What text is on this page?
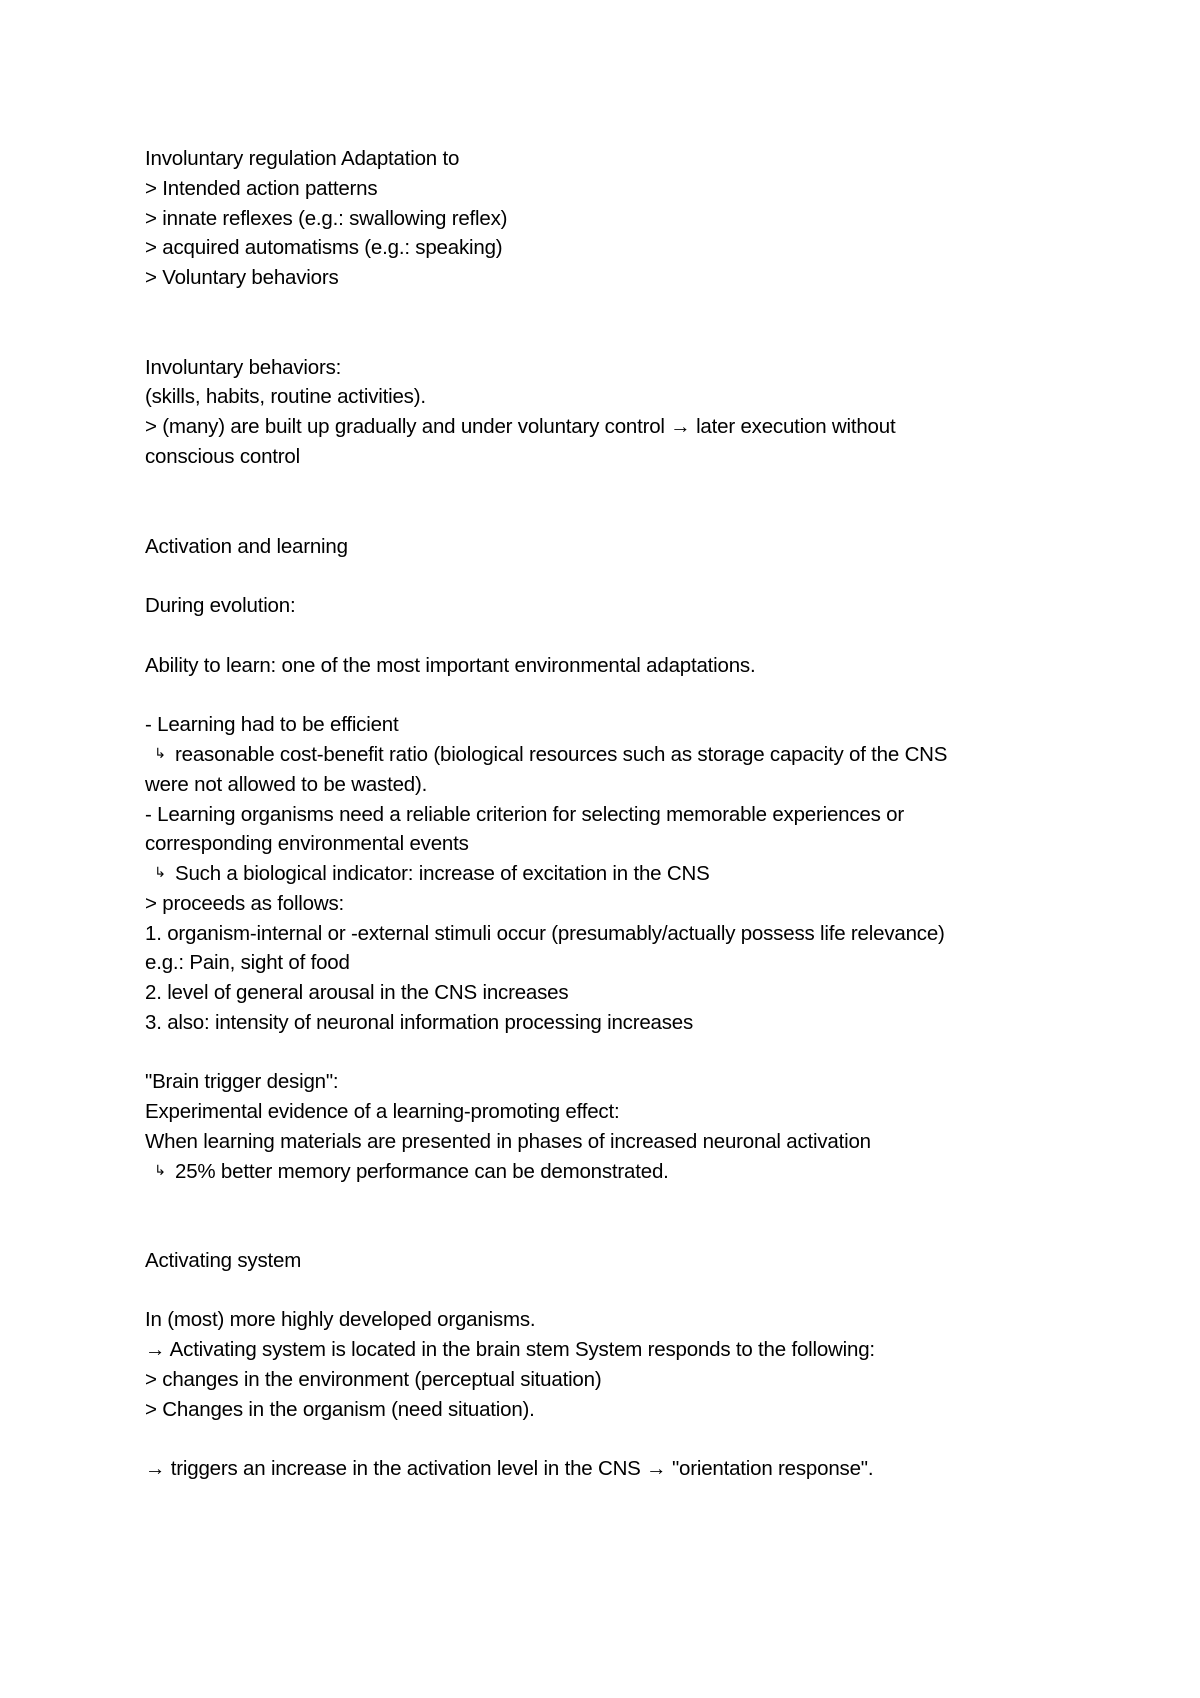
Involuntary regulation Adaptation to
> Intended action patterns
> innate reflexes (e.g.: swallowing reflex)
> acquired automatisms (e.g.: speaking)
> Voluntary behaviors
Involuntary behaviors:
(skills, habits, routine activities).
> (many) are built up gradually and under voluntary control → later execution without
conscious control
Activation and learning
During evolution:
Ability to learn: one of the most important environmental adaptations.
- Learning had to be efficient
↳ reasonable cost-benefit ratio (biological resources such as storage capacity of the CNS
were not allowed to be wasted).
- Learning organisms need a reliable criterion for selecting memorable experiences or
corresponding environmental events
↳ Such a biological indicator: increase of excitation in the CNS
> proceeds as follows:
1. organism-internal or -external stimuli occur (presumably/actually possess life relevance)
e.g.: Pain, sight of food
2. level of general arousal in the CNS increases
3. also: intensity of neuronal information processing increases
"Brain trigger design":
Experimental evidence of a learning-promoting effect:
When learning materials are presented in phases of increased neuronal activation
↳ 25% better memory performance can be demonstrated.
Activating system
In (most) more highly developed organisms.
→ Activating system is located in the brain stem System responds to the following:
> changes in the environment (perceptual situation)
> Changes in the organism (need situation).
→ triggers an increase in the activation level in the CNS → "orientation response".
